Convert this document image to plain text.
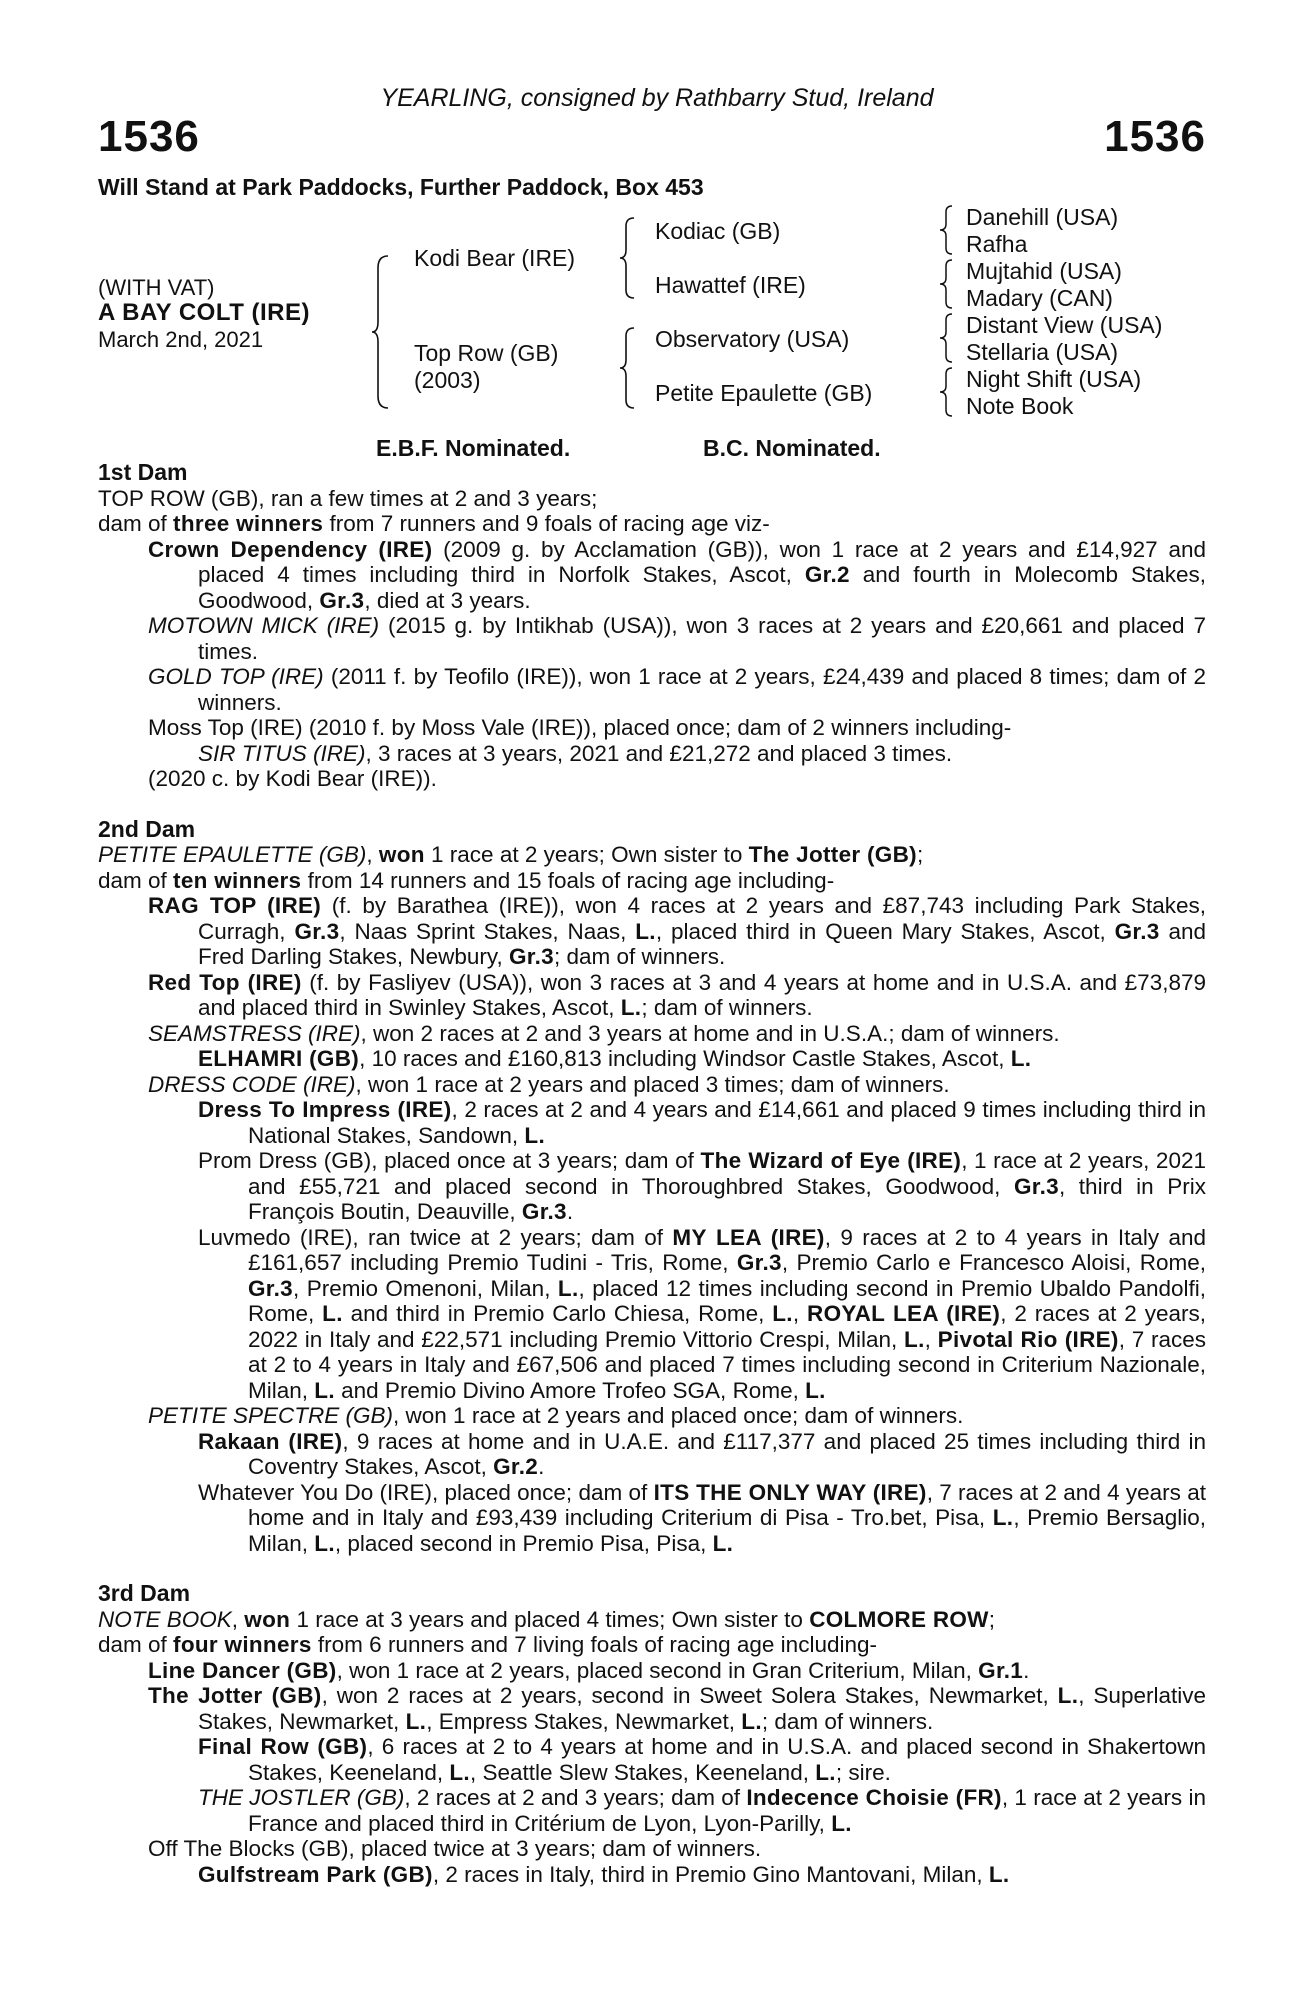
YEARLING, consigned by Rathbarry Stud, Ireland
1536	1536
Will Stand at Park Paddocks, Further Paddock, Box 453
(WITH VAT)
A BAY COLT (IRE)
March 2nd, 2021
Kodi Bear (IRE)
Top Row (GB)
(2003)
Kodiac (GB)
Hawattef (IRE)
Observatory (USA)
Petite Epaulette (GB)
Danehill (USA)
Rafha
Mujtahid (USA)
Madary (CAN)
Distant View (USA)
Stellaria (USA)
Night Shift (USA)
Note Book
E.B.F. Nominated.	B.C. Nominated.
1st Dam
TOP ROW (GB), ran a few times at 2 and 3 years;
dam of three winners from 7 runners and 9 foals of racing age viz-
Crown Dependency (IRE) (2009 g. by Acclamation (GB)), won 1 race at 2 years and £14,927 and placed 4 times including third in Norfolk Stakes, Ascot, Gr.2 and fourth in Molecomb Stakes, Goodwood, Gr.3, died at 3 years.
MOTOWN MICK (IRE) (2015 g. by Intikhab (USA)), won 3 races at 2 years and £20,661 and placed 7 times.
GOLD TOP (IRE) (2011 f. by Teofilo (IRE)), won 1 race at 2 years, £24,439 and placed 8 times; dam of 2 winners.
Moss Top (IRE) (2010 f. by Moss Vale (IRE)), placed once; dam of 2 winners including-
SIR TITUS (IRE), 3 races at 3 years, 2021 and £21,272 and placed 3 times.
(2020 c. by Kodi Bear (IRE)).
2nd Dam
PETITE EPAULETTE (GB), won 1 race at 2 years; Own sister to The Jotter (GB);
dam of ten winners from 14 runners and 15 foals of racing age including-
RAG TOP (IRE) (f. by Barathea (IRE)), won 4 races at 2 years and £87,743 including Park Stakes, Curragh, Gr.3, Naas Sprint Stakes, Naas, L., placed third in Queen Mary Stakes, Ascot, Gr.3 and Fred Darling Stakes, Newbury, Gr.3; dam of winners.
Red Top (IRE) (f. by Fasliyev (USA)), won 3 races at 3 and 4 years at home and in U.S.A. and £73,879 and placed third in Swinley Stakes, Ascot, L.; dam of winners.
SEAMSTRESS (IRE), won 2 races at 2 and 3 years at home and in U.S.A.; dam of winners.
ELHAMRI (GB), 10 races and £160,813 including Windsor Castle Stakes, Ascot, L.
DRESS CODE (IRE), won 1 race at 2 years and placed 3 times; dam of winners.
Dress To Impress (IRE), 2 races at 2 and 4 years and £14,661 and placed 9 times including third in National Stakes, Sandown, L.
Prom Dress (GB), placed once at 3 years; dam of The Wizard of Eye (IRE), 1 race at 2 years, 2021 and £55,721 and placed second in Thoroughbred Stakes, Goodwood, Gr.3, third in Prix François Boutin, Deauville, Gr.3.
Luvmedo (IRE), ran twice at 2 years; dam of MY LEA (IRE), 9 races at 2 to 4 years in Italy and £161,657 including Premio Tudini - Tris, Rome, Gr.3, Premio Carlo e Francesco Aloisi, Rome, Gr.3, Premio Omenoni, Milan, L., placed 12 times including second in Premio Ubaldo Pandolfi, Rome, L. and third in Premio Carlo Chiesa, Rome, L., ROYAL LEA (IRE), 2 races at 2 years, 2022 in Italy and £22,571 including Premio Vittorio Crespi, Milan, L., Pivotal Rio (IRE), 7 races at 2 to 4 years in Italy and £67,506 and placed 7 times including second in Criterium Nazionale, Milan, L. and Premio Divino Amore Trofeo SGA, Rome, L.
PETITE SPECTRE (GB), won 1 race at 2 years and placed once; dam of winners.
Rakaan (IRE), 9 races at home and in U.A.E. and £117,377 and placed 25 times including third in Coventry Stakes, Ascot, Gr.2.
Whatever You Do (IRE), placed once; dam of ITS THE ONLY WAY (IRE), 7 races at 2 and 4 years at home and in Italy and £93,439 including Criterium di Pisa - Tro.bet, Pisa, L., Premio Bersaglio, Milan, L., placed second in Premio Pisa, Pisa, L.
3rd Dam
NOTE BOOK, won 1 race at 3 years and placed 4 times; Own sister to COLMORE ROW;
dam of four winners from 6 runners and 7 living foals of racing age including-
Line Dancer (GB), won 1 race at 2 years, placed second in Gran Criterium, Milan, Gr.1.
The Jotter (GB), won 2 races at 2 years, second in Sweet Solera Stakes, Newmarket, L., Superlative Stakes, Newmarket, L., Empress Stakes, Newmarket, L.; dam of winners.
Final Row (GB), 6 races at 2 to 4 years at home and in U.S.A. and placed second in Shakertown Stakes, Keeneland, L., Seattle Slew Stakes, Keeneland, L.; sire.
THE JOSTLER (GB), 2 races at 2 and 3 years; dam of Indecence Choisie (FR), 1 race at 2 years in France and placed third in Critérium de Lyon, Lyon-Parilly, L.
Off The Blocks (GB), placed twice at 3 years; dam of winners.
Gulfstream Park (GB), 2 races in Italy, third in Premio Gino Mantovani, Milan, L.
